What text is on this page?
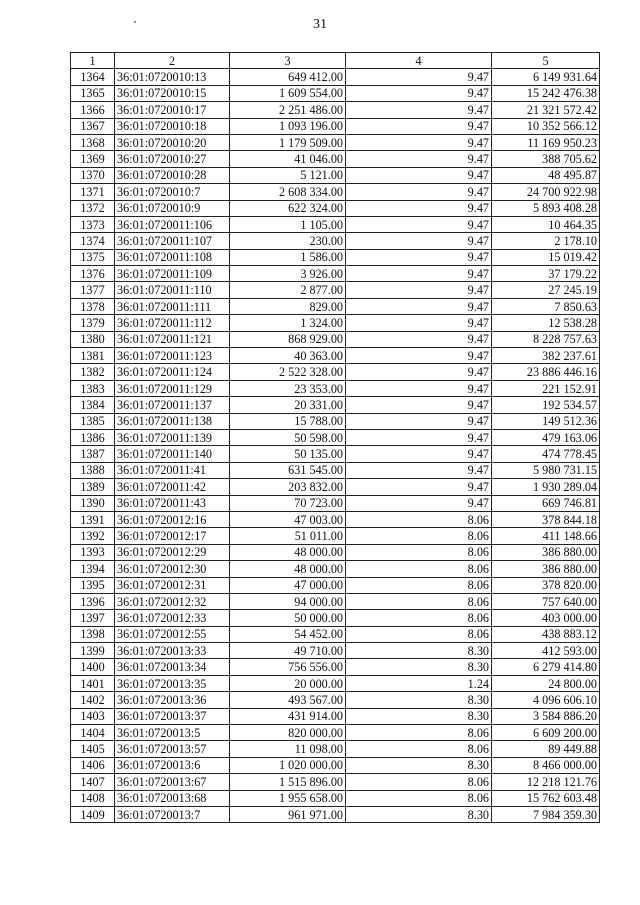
31
1	2	3	4	5
1364	36:01:0720010:13	649 412.00	9.47	6 149 931.64
1365	36:01:0720010:15	1 609 554.00	9.47	15 242 476.38
1366	36:01:0720010:17	2 251 486.00	9.47	21 321 572.42
1367	36:01:0720010:18	1 093 196.00	9.47	10 352 566.12
1368	36:01:0720010:20	1 179 509.00	9.47	11 169 950.23
1369	36:01:0720010:27	41 046.00	9.47	388 705.62
1370	36:01:0720010:28	5 121.00	9.47	48 495.87
1371	36:01:0720010:7	2 608 334.00	9.47	24 700 922.98
1372	36:01:0720010:9	622 324.00	9.47	5 893 408.28
1373	36:01:0720011:106	1 105.00	9.47	10 464.35
1374	36:01:0720011:107	230.00	9.47	2 178.10
1375	36:01:0720011:108	1 586.00	9.47	15 019.42
1376	36:01:0720011:109	3 926.00	9.47	37 179.22
1377	36:01:0720011:110	2 877.00	9.47	27 245.19
1378	36:01:0720011:111	829.00	9.47	7 850.63
1379	36:01:0720011:112	1 324.00	9.47	12 538.28
1380	36:01:0720011:121	868 929.00	9.47	8 228 757.63
1381	36:01:0720011:123	40 363.00	9.47	382 237.61
1382	36:01:0720011:124	2 522 328.00	9.47	23 886 446.16
1383	36:01:0720011:129	23 353.00	9.47	221 152.91
1384	36:01:0720011:137	20 331.00	9.47	192 534.57
1385	36:01:0720011:138	15 788.00	9.47	149 512.36
1386	36:01:0720011:139	50 598.00	9.47	479 163.06
1387	36:01:0720011:140	50 135.00	9.47	474 778.45
1388	36:01:0720011:41	631 545.00	9.47	5 980 731.15
1389	36:01:0720011:42	203 832.00	9.47	1 930 289.04
1390	36:01:0720011:43	70 723.00	9.47	669 746.81
1391	36:01:0720012:16	47 003.00	8.06	378 844.18
1392	36:01:0720012:17	51 011.00	8.06	411 148.66
1393	36:01:0720012:29	48 000.00	8.06	386 880.00
1394	36:01:0720012:30	48 000.00	8.06	386 880.00
1395	36:01:0720012:31	47 000.00	8.06	378 820.00
1396	36:01:0720012:32	94 000.00	8.06	757 640.00
1397	36:01:0720012:33	50 000.00	8.06	403 000.00
1398	36:01:0720012:55	54 452.00	8.06	438 883.12
1399	36:01:0720013:33	49 710.00	8.30	412 593.00
1400	36:01:0720013:34	756 556.00	8.30	6 279 414.80
1401	36:01:0720013:35	20 000.00	1.24	24 800.00
1402	36:01:0720013:36	493 567.00	8.30	4 096 606.10
1403	36:01:0720013:37	431 914.00	8.30	3 584 886.20
1404	36:01:0720013:5	820 000.00	8.06	6 609 200.00
1405	36:01:0720013:57	11 098.00	8.06	89 449.88
1406	36:01:0720013:6	1 020 000.00	8.30	8 466 000.00
1407	36:01:0720013:67	1 515 896.00	8.06	12 218 121.76
1408	36:01:0720013:68	1 955 658.00	8.06	15 762 603.48
1409	36:01:0720013:7	961 971.00	8.30	7 984 359.30
